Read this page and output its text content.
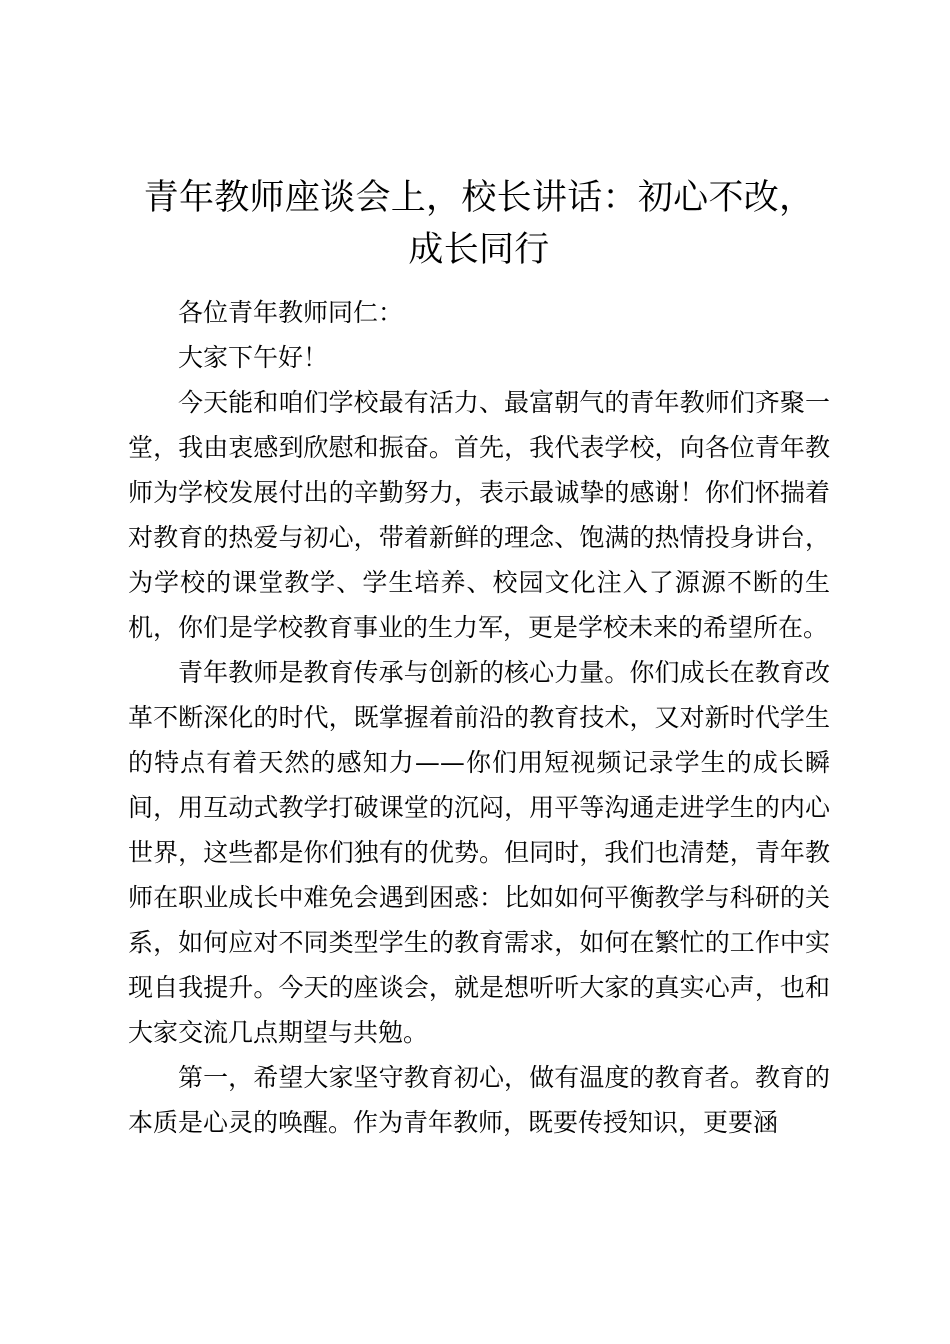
青年教师座谈会上，校长讲话：初心不改，成长同行

各位青年教师同仁：

大家下午好！

今天能和咱们学校最有活力、最富朝气的青年教师们齐聚一堂，我由衷感到欣慰和振奋。首先，我代表学校，向各位青年教师为学校发展付出的辛勤努力，表示最诚挚的感谢！你们怀揣着对教育的热爱与初心，带着新鲜的理念、饱满的热情投身讲台，为学校的课堂教学、学生培养、校园文化注入了源源不断的生机，你们是学校教育事业的生力军，更是学校未来的希望所在。

青年教师是教育传承与创新的核心力量。你们成长在教育改革不断深化的时代，既掌握着前沿的教育技术，又对新时代学生的特点有着天然的感知力——你们用短视频记录学生的成长瞬间，用互动式教学打破课堂的沉闷，用平等沟通走进学生的内心世界，这些都是你们独有的优势。但同时，我们也清楚，青年教师在职业成长中难免会遇到困惑：比如如何平衡教学与科研的关系，如何应对不同类型学生的教育需求，如何在繁忙的工作中实现自我提升。今天的座谈会，就是想听听大家的真实心声，也和大家交流几点期望与共勉。

第一，希望大家坚守教育初心，做有温度的教育者。教育的本质是心灵的唤醒。作为青年教师，既要传授知识，更要涵
